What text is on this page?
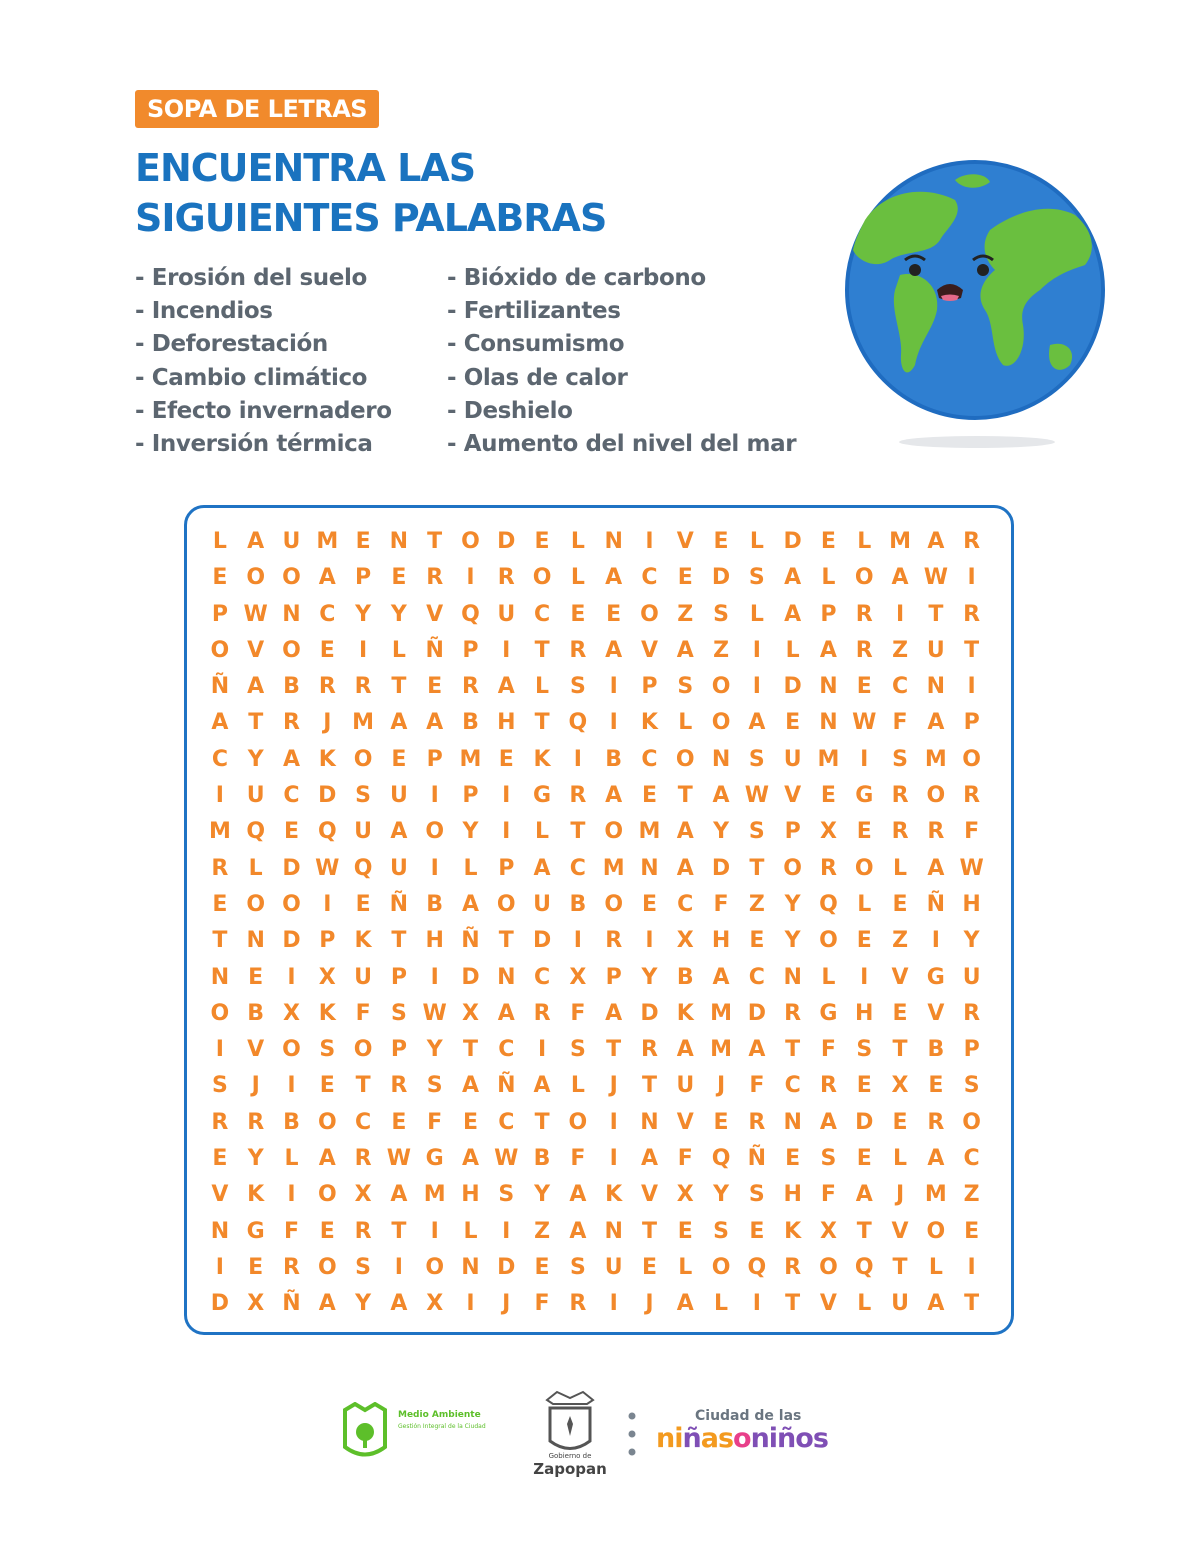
SOPA DE LETRAS
ENCUENTRA LAS
SIGUIENTES PALABRAS
- Erosión del suelo
- Incendios
- Deforestación
- Cambio climático
- Efecto invernadero
- Inversión térmica
- Bióxido de carbono
- Fertilizantes
- Consumismo
- Olas de calor
- Deshielo
- Aumento del nivel del mar
L A U M E N T O D E L N	I	V E L D E L M A R
E O O A P E R	I	R O L A C E D S A L O A W I
P W N C Y Y V Q U C E E O Z S L A P R	I	T R
O V O E	I	L Ñ P	I	T R A V A Z	I	L A R Z U T
Ñ A B R R T E R A L S	I	P S O	I	D N E C N	I
A T R	J M A A B H T Q	I	K L O A E N W F A P
C Y A K O E P M E K	I	B C O N S U M I	S M O
I	U C D S U	I	P	I	G R A E T A W V E G R O R
M Q E Q U A O Y	I	L T O M A Y S P X E R R F
R L D W Q U	I	L P A C M N A D T O R O L A W
E O O	I	E Ñ B A O U B O E C F Z Y Q L E Ñ H
T N D P K T H Ñ T D	I	R	I	X H E Y O E Z	I	Y
N E	I	X U P	I	D N C X P Y B A C N L	I	V G U
O B X K F S W X A R F A D K M D R G H E V R
I	V O S O P Y T C	I	S T R A M A T F S T B P
S	J	I	E T R S A Ñ A L	J	T U	J	F C R E X E S
R R B O C E F E C T O	I	N V E R N A D E R O
E Y L A R W G A W B F	I	A F Q Ñ E S E L A C
V K	I	O X A M H S Y A K V X Y S H F A	J M Z
N G F E R T	I	L	I	Z A N T E S E K X T V O E
I	E R O S	I	O N D E S U E L O Q R O Q T L	I
D X Ñ A Y A X	I	J	F R	I	J	A L	I	T V L U A T
Medio Ambiente
Gestión Integral de la Ciudad
Gobierno de
Zapopan
Ciudad de las
niñasoniños
